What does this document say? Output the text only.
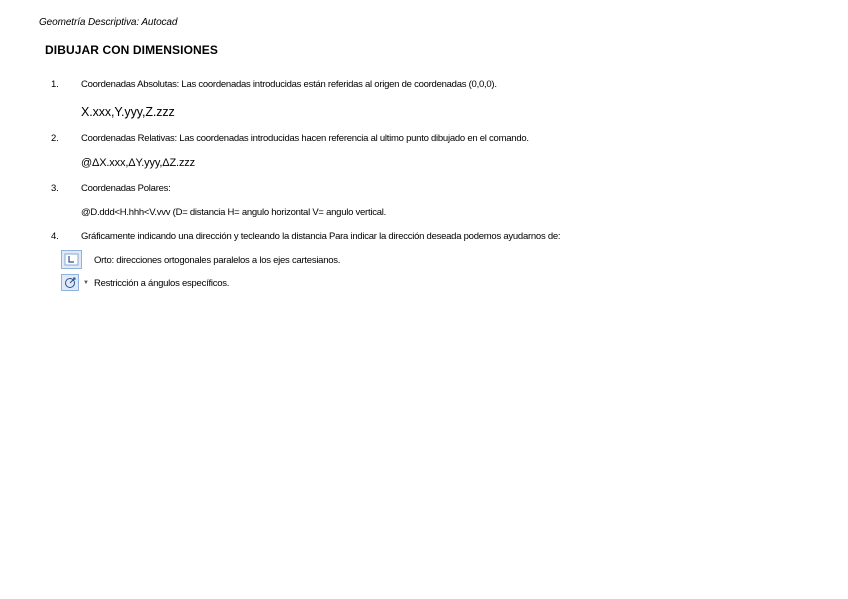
Geometría Descriptiva: Autocad
DIBUJAR CON DIMENSIONES
1. Coordenadas Absolutas: Las coordenadas introducidas están referidas al origen de coordenadas (0,0,0).
X.xxx,Y.yyy,Z.zzz
2. Coordenadas Relativas: Las coordenadas introducidas hacen referencia al ultimo punto dibujado en el comando.
@ΔX.xxx,ΔY.yyy,ΔZ.zzz
3. Coordenadas Polares:
@D.ddd<H.hhh<V.vvv (D= distancia H= angulo horizontal V= angulo vertical.
4. Gráficamente indicando una dirección y tecleando la distancia Para indicar la dirección deseada podemos ayudarnos de:
Orto: direcciones ortogonales paralelos a los ejes cartesianos.
▼ Restricción a ángulos específicos.
